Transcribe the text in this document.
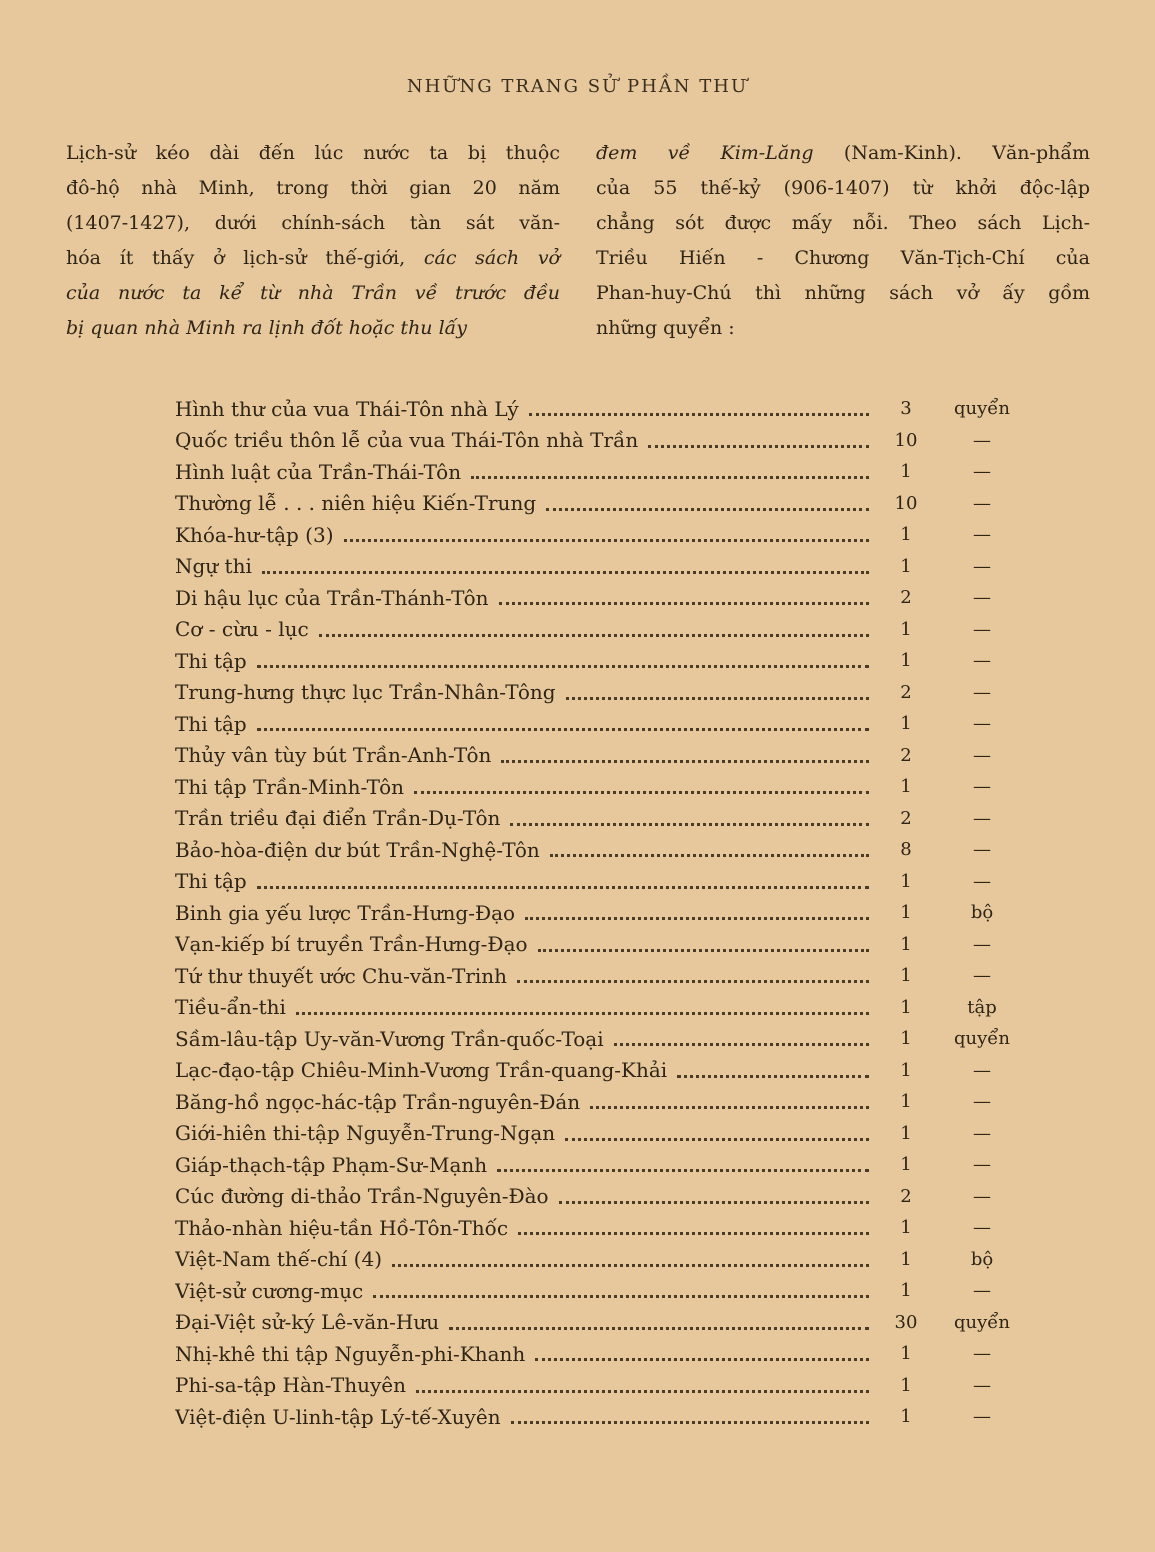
NHỮNG TRANG SỬ PHẦN THƯ
Lịch-sử kéo dài đến lúc nước ta bị thuộc
đô-hộ nhà Minh, trong thời gian 20 năm
(1407-1427), dưới chính-sách tàn sát văn-
hóa ít thấy ở lịch-sử thế-giới, các sách vở
của nước ta kể từ nhà Trần về trước đều
bị quan nhà Minh ra lịnh đốt hoặc thu lấy
đem về Kim-Lăng (Nam-Kinh). Văn-phẩm
của 55 thế-kỷ (906-1407) từ khởi độc-lập
chẳng sót được mấy nỗi. Theo sách Lịch-
Triều Hiến - Chương Văn-Tịch-Chí của
Phan-huy-Chú thì những sách vở ấy gồm
những quyển :
Hình thư của vua Thái-Tôn nhà Lý	3	quyển
Quốc triều thôn lễ của vua Thái-Tôn nhà Trần	10	—
Hình luật của Trần-Thái-Tôn	1	—
Thường lễ . . . niên hiệu Kiến-Trung	10	—
Khóa-hư-tập (3)	1	—
Ngự thi	1	—
Di hậu lục của Trần-Thánh-Tôn	2	—
Cơ - cừu - lục	1	—
Thi tập	1	—
Trung-hưng thực lục Trần-Nhân-Tông	2	—
Thi tập	1	—
Thủy vân tùy bút Trần-Anh-Tôn	2	—
Thi tập Trần-Minh-Tôn	1	—
Trần triều đại điển Trần-Dụ-Tôn	2	—
Bảo-hòa-điện dư bút Trần-Nghệ-Tôn	8	—
Thi tập	1	—
Binh gia yếu lược Trần-Hưng-Đạo	1	bộ
Vạn-kiếp bí truyền Trần-Hưng-Đạo	1	—
Tứ thư thuyết ước Chu-văn-Trinh	1	—
Tiều-ẩn-thi	1	tập
Sầm-lâu-tập Uy-văn-Vương Trần-quốc-Toại	1	quyển
Lạc-đạo-tập Chiêu-Minh-Vương Trần-quang-Khải	1	—
Băng-hồ ngọc-hác-tập Trần-nguyên-Đán	1	—
Giới-hiên thi-tập Nguyễn-Trung-Ngạn	1	—
Giáp-thạch-tập Phạm-Sư-Mạnh	1	—
Cúc đường di-thảo Trần-Nguyên-Đào	2	—
Thảo-nhàn hiệu-tần Hồ-Tôn-Thốc	1	—
Việt-Nam thế-chí (4)	1	bộ
Việt-sử cương-mục	1	—
Đại-Việt sử-ký Lê-văn-Hưu	30	quyển
Nhị-khê thi tập Nguyễn-phi-Khanh	1	—
Phi-sa-tập Hàn-Thuyên	1	—
Việt-điện U-linh-tập Lý-tế-Xuyên	1	—
